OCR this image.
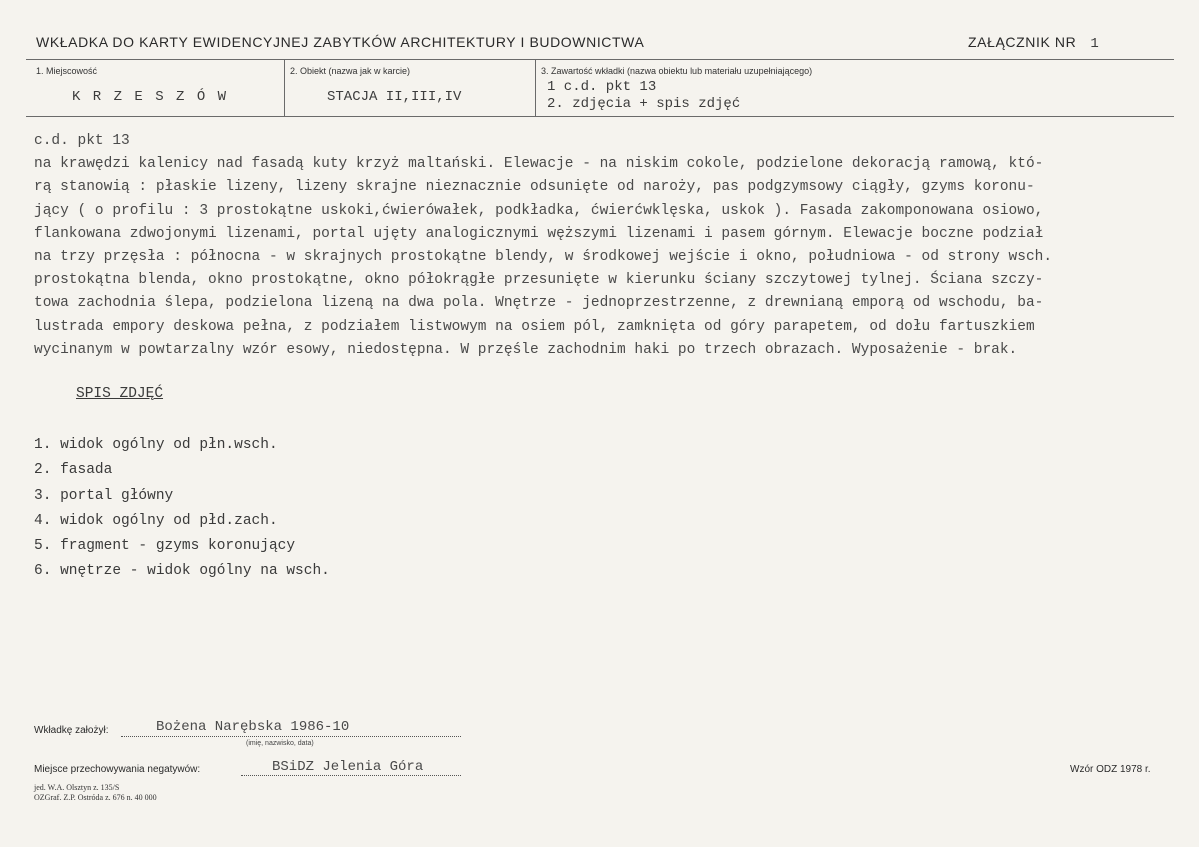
WKŁADKA DO KARTY EWIDENCYJNEJ ZABYTKÓW ARCHITEKTURY I BUDOWNICTWA	ZAŁĄCZNIK NR 1
1. Miejscowość
K R Z E S Z Ó W
2. Obiekt (nazwa jak w karcie)
STACJA II,III,IV
3. Zawartość wkładki (nazwa obiektu lub materiału uzupełniającego)
1 c.d. pkt 13
2. zdjęcia + spis zdjęć
c.d. pkt 13
na krawędzi kalenicy nad fasadą kuty krzyż maltański. Elewacje - na niskim cokole, podzielone dekoracją ramową, któ-
rą stanowią : płaskie lizeny, lizeny skrajne nieznacznie odsunięte od naroży, pas podgzymsowy ciągły, gzyms koronu-
jący ( o profilu : 3 prostokątne uskoki,ćwierówałek, podkładka, ćwierćwklęska, uskok ). Fasada zakomponowana osiowo,
flankowana zdwojonymi lizenami, portal ujęty analogicznymi węższymi lizenami i pasem górnym. Elewacje boczne podział
na trzy przęsła : północna - w skrajnych prostokątne blendy, w środkowej wejście i okno, południowa - od strony wsch.
prostokątna blenda, okno prostokątne, okno półokrągłe przesunięte w kierunku ściany szczytowej tylnej. Ściana szczy-
towa zachodnia ślepa, podzielona lizeną na dwa pola. Wnętrze - jednoprzestrzenne, z drewnianą emporą od wschodu, ba-
lustrada empory deskowa pełna, z podziałem listwowym na osiem pól, zamknięta od góry parapetem, od dołu fartuszkiem
wycinanym w powtarzalny wzór esowy, niedostępna. W przęśle zachodnim haki po trzech obrazach. Wyposażenie - brak.
SPIS ZDJĘĆ
1. widok ogólny od płn.wsch.
2. fasada
3. portal główny
4. widok ogólny od płd.zach.
5. fragment - gzyms koronujący
6. wnętrze - widok ogólny na wsch.
Wkładkę założył:	Bożena Narębska 1986-10
(imię, nazwisko, data)
Miejsce przechowywania negatywów:	BSiDZ Jelenia Góra
jed. W.A. Olsztyn z. 135/S
OZGraf. Z.P. Ostróda z. 676 n. 40 000
Wzór ODZ 1978 r.
